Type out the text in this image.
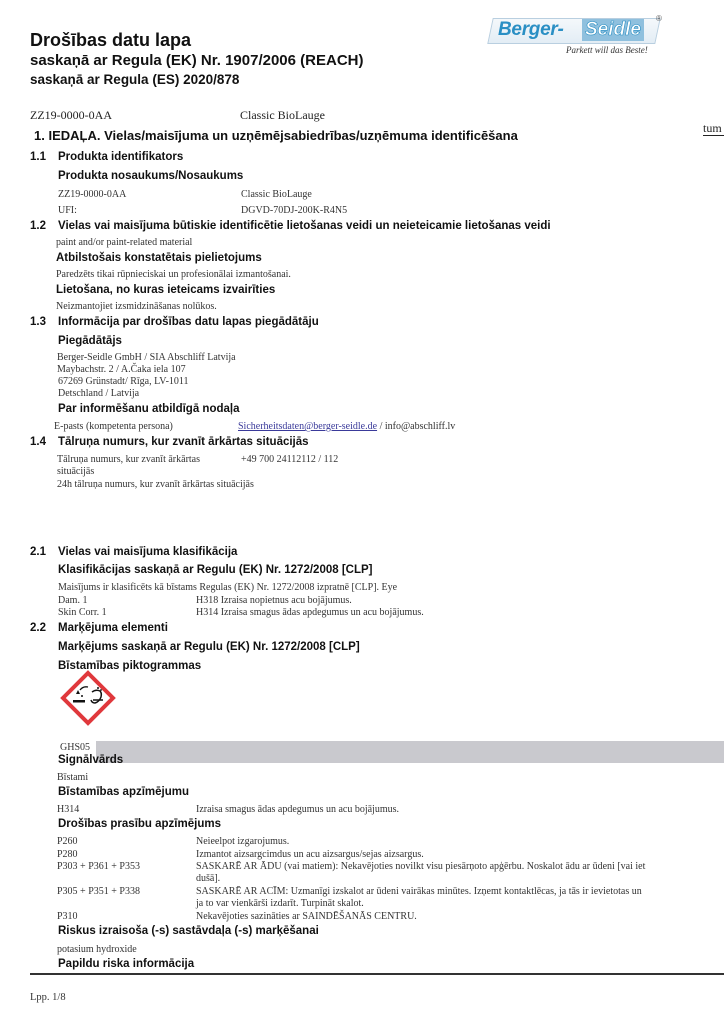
Drošības datu lapa
saskaņā ar Regula (EK) Nr. 1907/2006 (REACH)
saskaņā ar Regula (ES) 2020/878
Berger- Seidle
®
Parkett will das Beste!
ZZ19-0000-0AA	Classic BioLauge
tum
1. IEDAĻA. Vielas/maisījuma un uzņēmējsabiedrības/uzņēmuma identificēšana
1.1 Produkta identifikators
Produkta nosaukums/Nosaukums
ZZ19-0000-0AA	Classic BioLauge
UFI:	DGVD-70DJ-200K-R4N5
1.2 Vielas vai maisījuma būtiskie identificētie lietošanas veidi un neieteicamie lietošanas veidi
paint and/or paint-related material
Atbilstošais konstatētais pielietojums
Paredzēts tikai rūpnieciskai un profesionālai izmantošanai.
Lietošana, no kuras ieteicams izvairīties
Neizmantojiet izsmidzināšanas nolūkos.
1.3 Informācija par drošības datu lapas piegādātāju
Piegādātājs
Berger-Seidle GmbH / SIA Abschliff Latvija
Maybachstr. 2 / A.Čaka iela 107
67269 Grünstadt/ Rīga, LV-1011
Detschland / Latvija
Par informēšanu atbildīgā nodaļa
E-pasts (kompetenta persona)	Sicherheitsdaten@berger-seidle.de / info@abschliff.lv
1.4 Tālruņa numurs, kur zvanīt ārkārtas situācijās
Tālruņa numurs, kur zvanīt ārkārtas
situācijās
+49 700 24112112 / 112
24h tālruņa numurs, kur zvanīt ārkārtas situācijās
2.1 Vielas vai maisījuma klasifikācija
Klasifikācijas saskaņā ar Regulu (EK) Nr. 1272/2008 [CLP]
Maisījums ir klasificēts kā bīstams Regulas (EK) Nr. 1272/2008 izpratnē [CLP]. Eye
Dam. 1	H318 Izraisa nopietnus acu bojājumus.
Skin Corr. 1	H314 Izraisa smagus ādas apdegumus un acu bojājumus.
2.2 Marķējuma elementi
Marķējums saskaņā ar Regulu (EK) Nr. 1272/2008 [CLP]
Bīstamības piktogrammas
GHS05
Signālvārds
Bīstami
Bīstamības apzīmējumu
H314	Izraisa smagus ādas apdegumus un acu bojājumus.
Drošības prasību apzīmējums
P260	Neieelpot izgarojumus.
P280	Izmantot aizsargcimdus un acu aizsargus/sejas aizsargus.
P303 + P361 + P353	SASKARĒ AR ĀDU (vai matiem): Nekavējoties novilkt visu piesārņoto apģērbu. Noskalot ādu ar ūdeni [vai iet
dušā].
P305 + P351 + P338	SASKARĒ AR ACĪM: Uzmanīgi izskalot ar ūdeni vairākas minūtes. Izņemt kontaktlēcas, ja tās ir ievietotas un
ja to var vienkārši izdarīt. Turpināt skalot.
P310	Nekavējoties sazināties ar SAINDĒŠANĀS CENTRU.
Riskus izraisoša (-s) sastāvdaļa (-s) marķēšanai
potasium hydroxide
Papildu riska informācija
Lpp. 1/8
